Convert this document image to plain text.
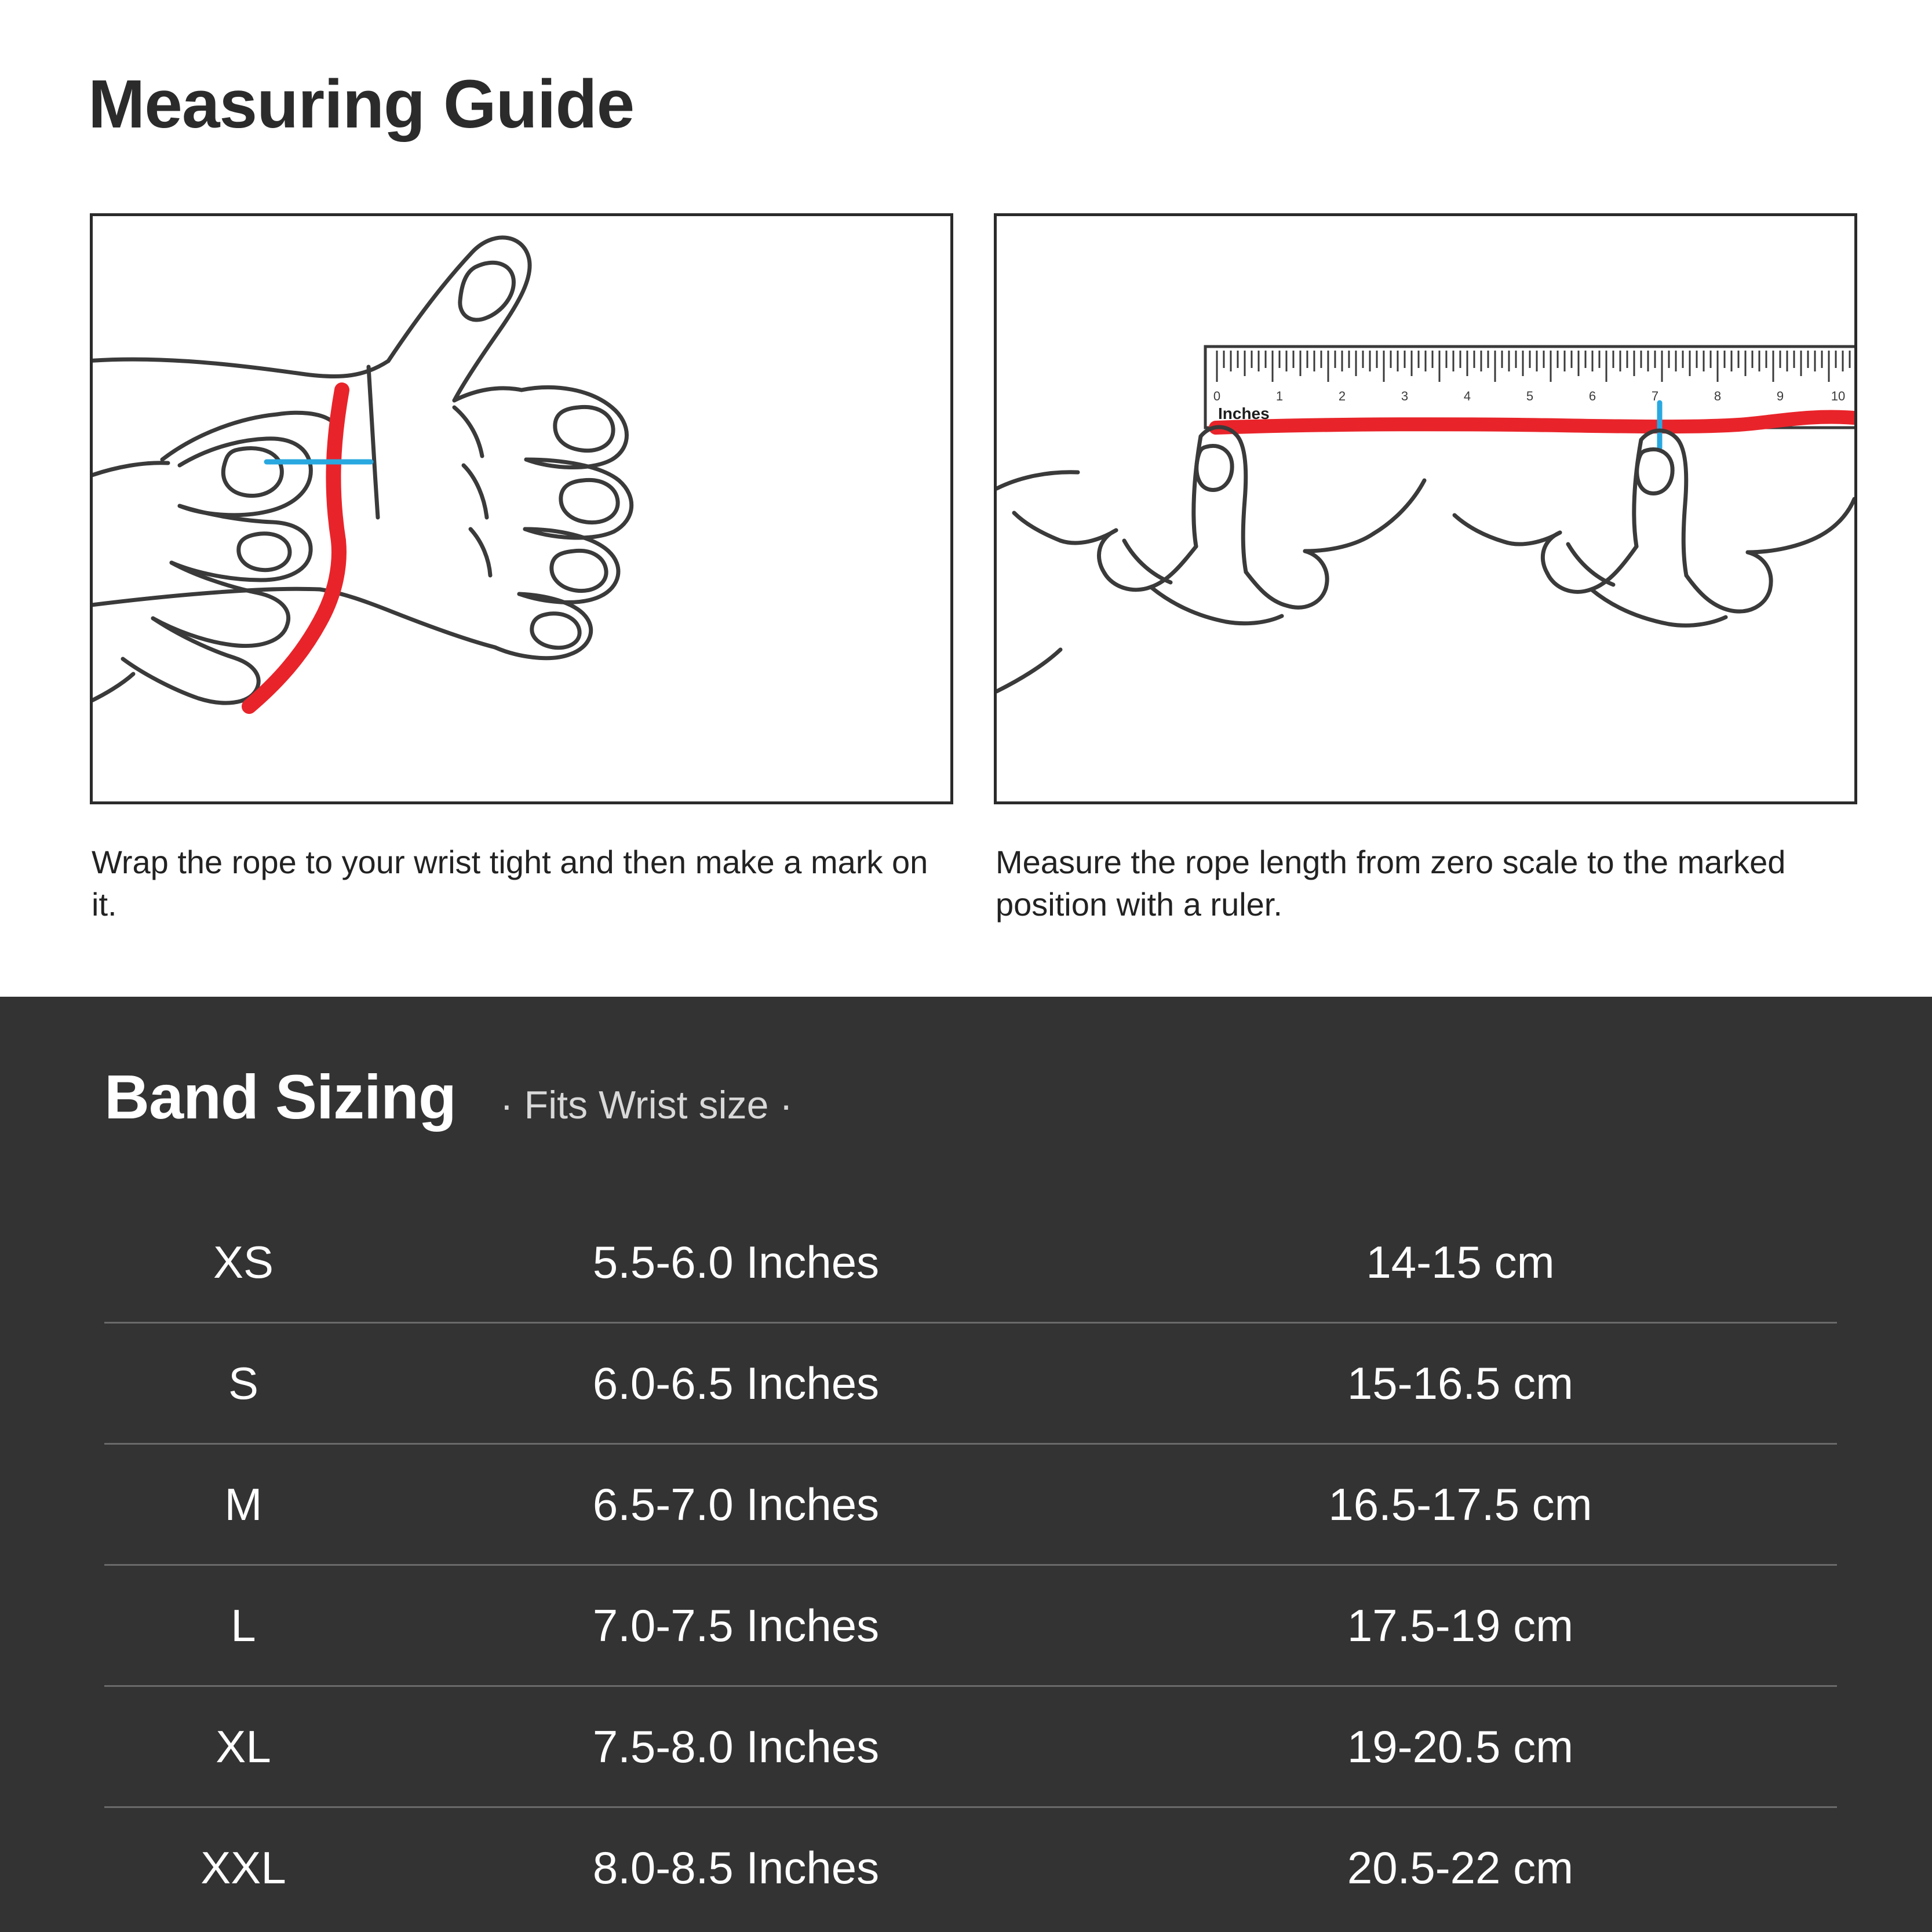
Measuring Guide
0	1	2	3	4	5	6	7	8	9	10
Inches
Wrap the rope to your wrist tight and then make a mark on it.
Measure the rope length from zero scale to the marked position with a ruler.
Band Sizing · Fits Wrist size ·
XS	5.5-6.0 Inches	14-15 cm
S	6.0-6.5 Inches	15-16.5 cm
M	6.5-7.0 Inches	16.5-17.5 cm
L	7.0-7.5 Inches	17.5-19 cm
XL	7.5-8.0 Inches	19-20.5 cm
XXL	8.0-8.5 Inches	20.5-22 cm
